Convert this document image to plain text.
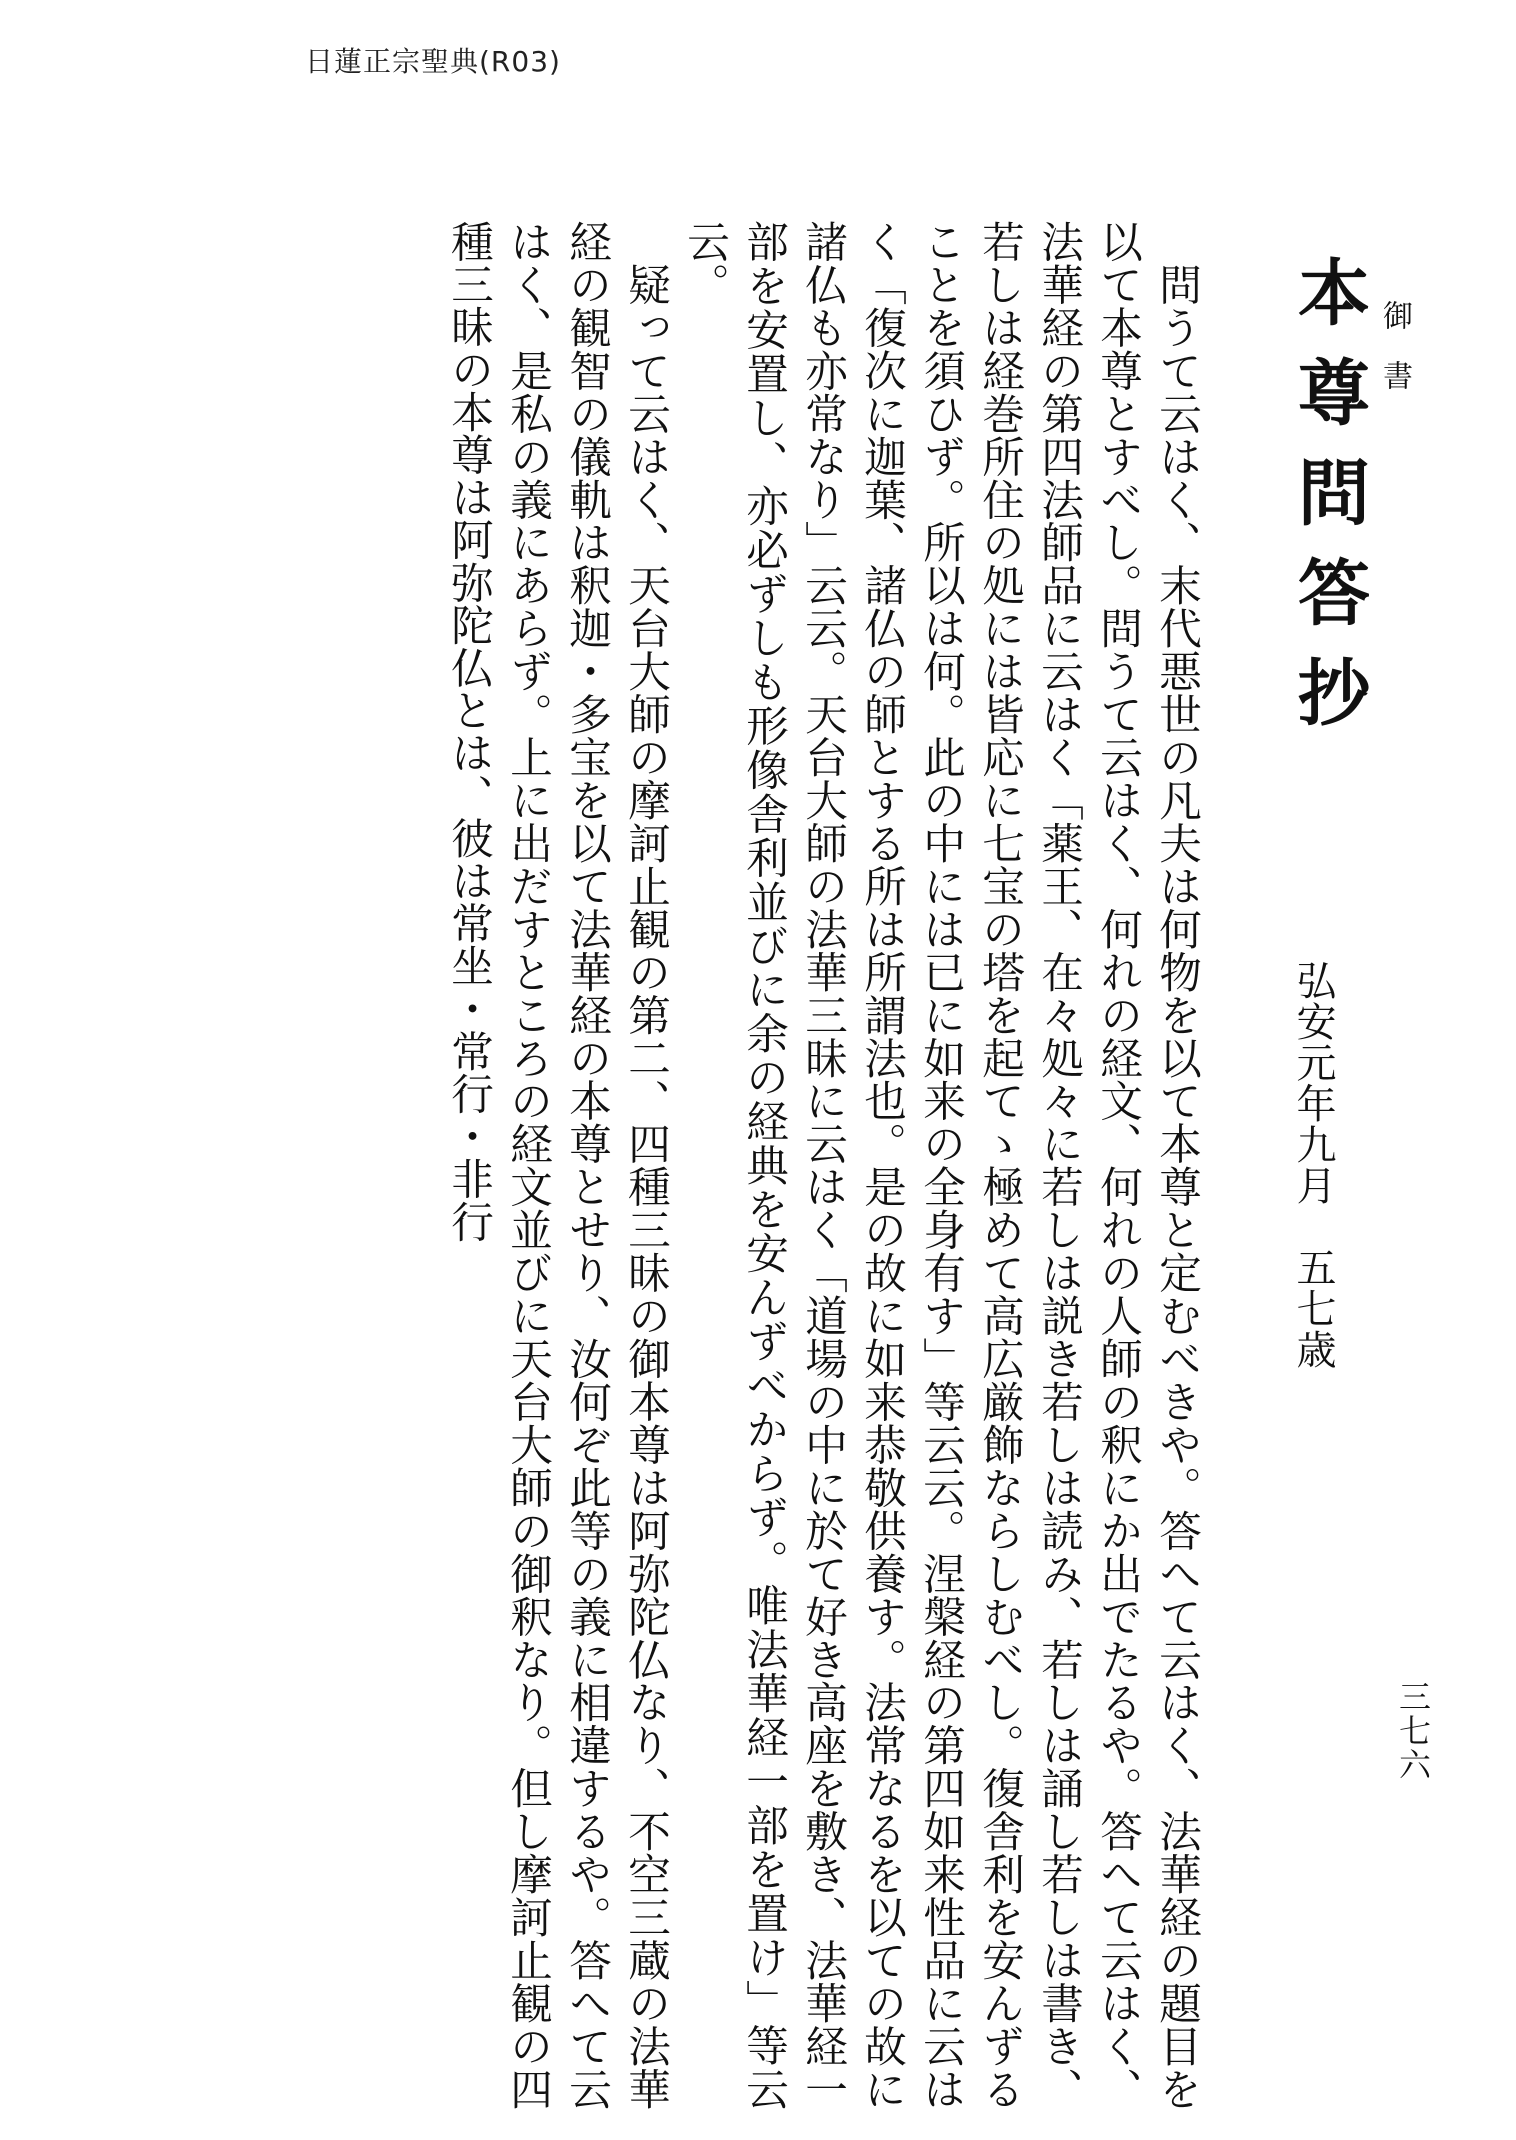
日蓮正宗聖典(R03)
御書
本尊問答抄
弘安元年九月　五七歳
三七六

　問うて云はく、末代悪世の凡夫は何物を以て本尊と定むべきや。答へて云はく、法華経の題目を以て本尊とすべし。問うて云はく、何れの経文、何れの人師の釈にか出でたるや。答へて云はく、法華経の第四法師品に云はく「薬王、在々処々に若しは説き若しは読み、若しは誦し若しは書き、若しは経巻所住の処には皆応に七宝の塔を起てゝ極めて高広厳飾ならしむべし。復舎利を安んずることを須ひず。所以は何。此の中には已に如来の全身有す」等云云。涅槃経の第四如来性品に云はく「復次に迦葉、諸仏の師とする所は所謂法也。是の故に如来恭敬供養す。法常なるを以ての故に諸仏も亦常なり」云云。天台大師の法華三昧に云はく「道場の中に於て好き高座を敷き、法華経一部を安置し、亦必ずしも形像舎利並びに余の経典を安んずべからず。唯法華経一部を置け」等云云。

　疑って云はく、天台大師の摩訶止観の第二、四種三昧の御本尊は阿弥陀仏なり、不空三蔵の法華経の観智の儀軌は釈迦・多宝を以て法華経の本尊とせり、汝何ぞ此等の義に相違するや。答へて云はく、是私の義にあらず。上に出だすところの経文並びに天台大師の御釈なり。但し摩訶止観の四種三昧の本尊は阿弥陀仏とは、彼は常坐・常行・非行
